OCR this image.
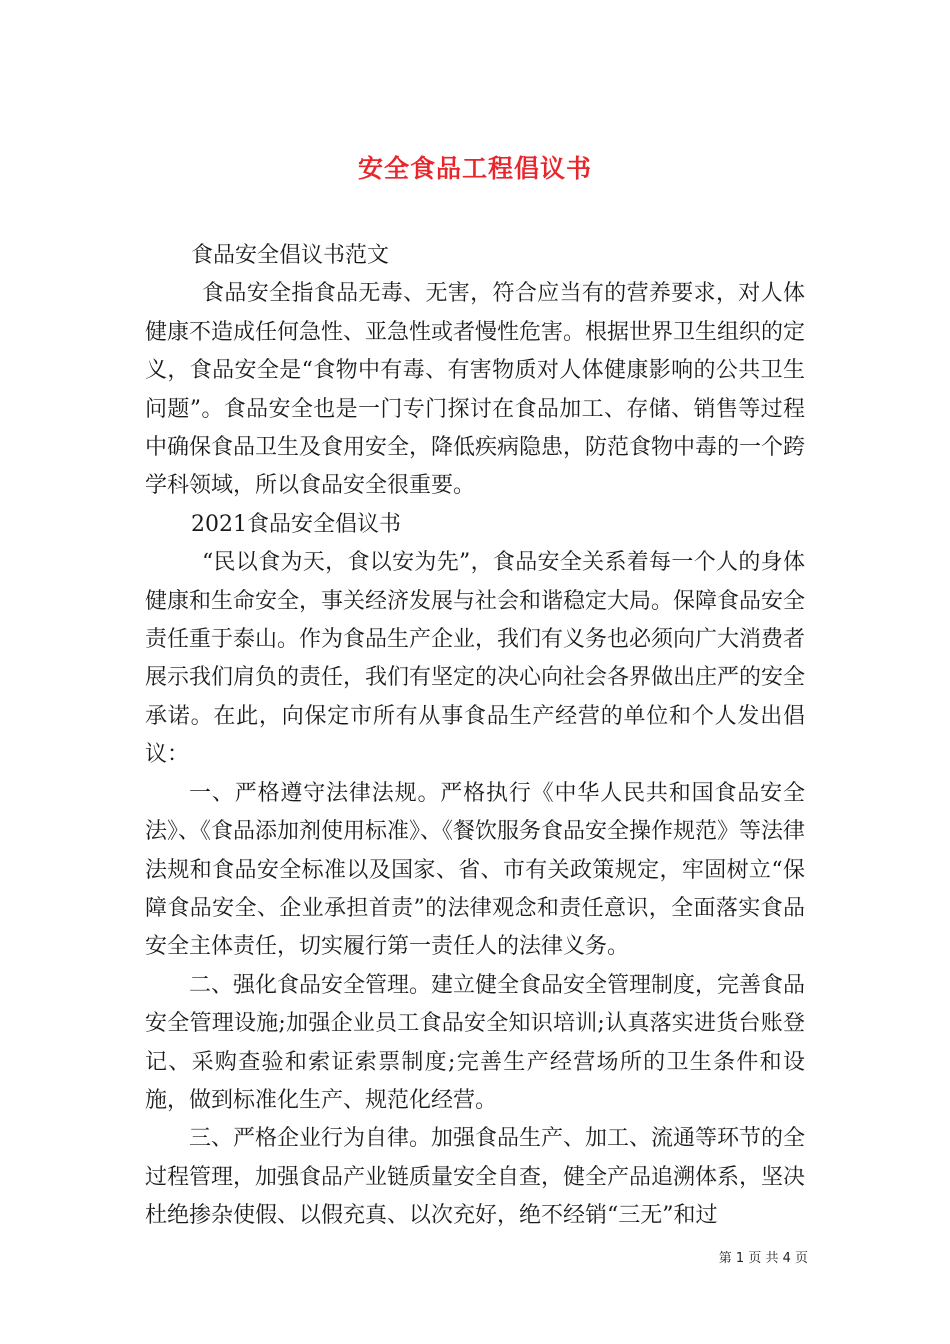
安全食品工程倡议书

食品安全倡议书范文

食品安全指食品无毒、无害，符合应当有的营养要求，对人体健康不造成任何急性、亚急性或者慢性危害。根据世界卫生组织的定义，食品安全是“食物中有毒、有害物质对人体健康影响的公共卫生问题”。食品安全也是一门专门探讨在食品加工、存储、销售等过程中确保食品卫生及食用安全，降低疾病隐患，防范食物中毒的一个跨学科领域，所以食品安全很重要。

2021食品安全倡议书

“民以食为天，食以安为先”，食品安全关系着每一个人的身体健康和生命安全，事关经济发展与社会和谐稳定大局。保障食品安全责任重于泰山。作为食品生产企业，我们有义务也必须向广大消费者展示我们肩负的责任，我们有坚定的决心向社会各界做出庄严的安全承诺。在此，向保定市所有从事食品生产经营的单位和个人发出倡议：

一、严格遵守法律法规。严格执行《中华人民共和国食品安全法》、《食品添加剂使用标准》、《餐饮服务食品安全操作规范》等法律法规和食品安全标准以及国家、省、市有关政策规定，牢固树立“保障食品安全、企业承担首责”的法律观念和责任意识，全面落实食品安全主体责任，切实履行第一责任人的法律义务。

二、强化食品安全管理。建立健全食品安全管理制度，完善食品安全管理设施;加强企业员工食品安全知识培训;认真落实进货台账登记、采购查验和索证索票制度;完善生产经营场所的卫生条件和设施，做到标准化生产、规范化经营。

三、严格企业行为自律。加强食品生产、加工、流通等环节的全过程管理，加强食品产业链质量安全自查，健全产品追溯体系，坚决杜绝掺杂使假、以假充真、以次充好，绝不经销“三无”和过

第 1 页 共 4 页
